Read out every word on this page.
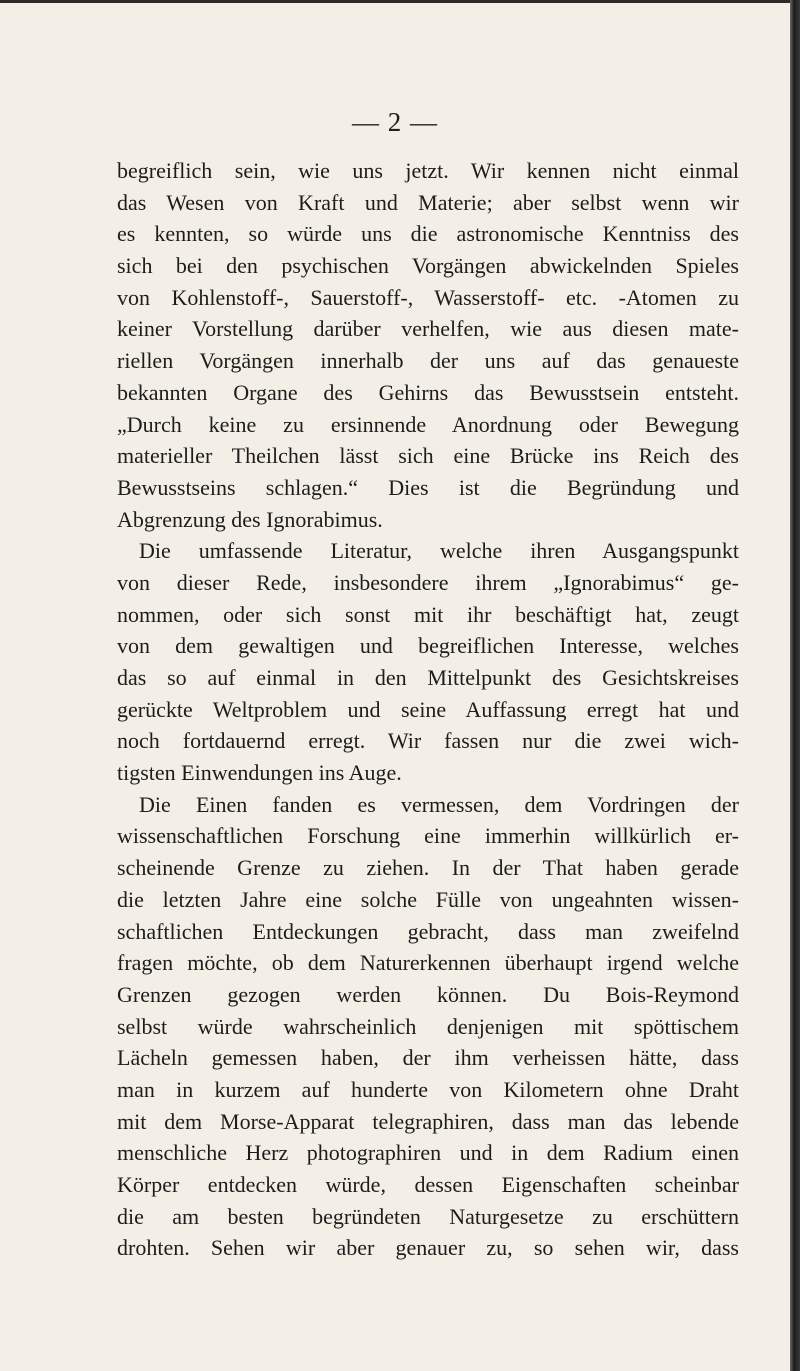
— 2 —
begreiflich sein, wie uns jetzt. Wir kennen nicht einmal
das Wesen von Kraft und Materie; aber selbst wenn wir
es kennten, so würde uns die astronomische Kenntniss des
sich bei den psychischen Vorgängen abwickelnden Spieles
von Kohlenstoff-, Sauerstoff-, Wasserstoff- etc. -Atomen zu
keiner Vorstellung darüber verhelfen, wie aus diesen mate-
riellen Vorgängen innerhalb der uns auf das genaueste
bekannten Organe des Gehirns das Bewusstsein entsteht.
„Durch keine zu ersinnende Anordnung oder Bewegung
materieller Theilchen lässt sich eine Brücke ins Reich des
Bewusstseins schlagen.“ Dies ist die Begründung und
Abgrenzung des Ignorabimus.
Die umfassende Literatur, welche ihren Ausgangspunkt
von dieser Rede, insbesondere ihrem „Ignorabimus“ ge-
nommen, oder sich sonst mit ihr beschäftigt hat, zeugt
von dem gewaltigen und begreiflichen Interesse, welches
das so auf einmal in den Mittelpunkt des Gesichtskreises
gerückte Weltproblem und seine Auffassung erregt hat und
noch fortdauernd erregt. Wir fassen nur die zwei wich-
tigsten Einwendungen ins Auge.
Die Einen fanden es vermessen, dem Vordringen der
wissenschaftlichen Forschung eine immerhin willkürlich er-
scheinende Grenze zu ziehen. In der That haben gerade
die letzten Jahre eine solche Fülle von ungeahnten wissen-
schaftlichen Entdeckungen gebracht, dass man zweifelnd
fragen möchte, ob dem Naturerkennen überhaupt irgend welche
Grenzen gezogen werden können. Du Bois-Reymond
selbst würde wahrscheinlich denjenigen mit spöttischem
Lächeln gemessen haben, der ihm verheissen hätte, dass
man in kurzem auf hunderte von Kilometern ohne Draht
mit dem Morse-Apparat telegraphiren, dass man das lebende
menschliche Herz photographiren und in dem Radium einen
Körper entdecken würde, dessen Eigenschaften scheinbar
die am besten begründeten Naturgesetze zu erschüttern
drohten. Sehen wir aber genauer zu, so sehen wir, dass
